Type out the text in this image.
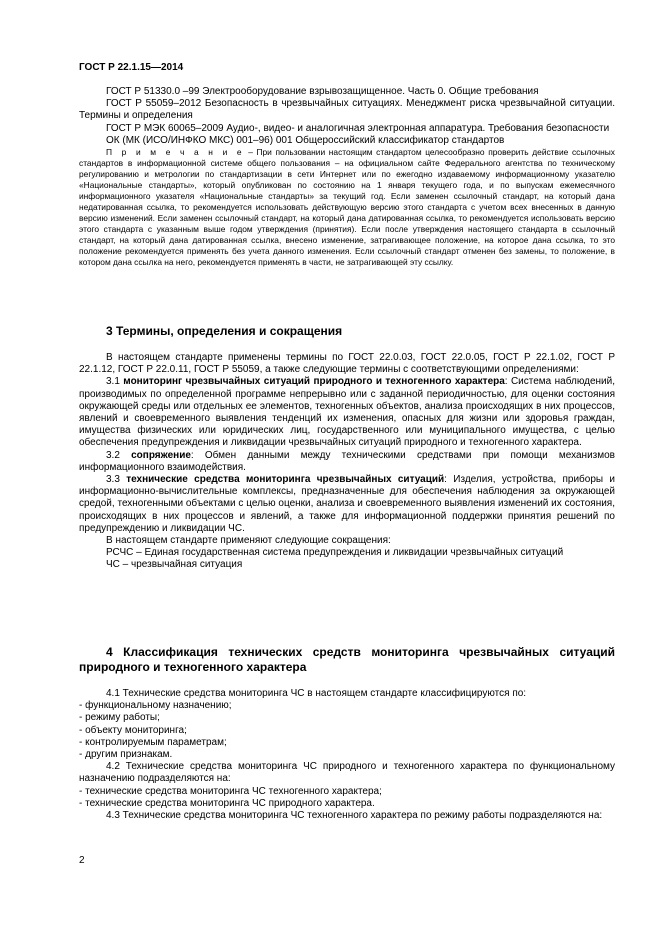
ГОСТ Р 22.1.15—2014

ГОСТ Р 51330.0 –99 Электрооборудование взрывозащищенное. Часть 0. Общие требования

ГОСТ Р 55059–2012 Безопасность в чрезвычайных ситуациях. Менеджмент риска чрезвычайной ситуации. Термины и определения

ГОСТ Р МЭК 60065–2009 Аудио-, видео- и аналогичная электронная аппаратура. Требования безопасности

ОК (МК (ИСО/ИНФКО МКС) 001–96) 001 Общероссийский классификатор стандартов

П р и м е ч а н и е – При пользовании настоящим стандартом целесообразно проверить действие ссылочных стандартов в информационной системе общего пользования – на официальном сайте Федерального агентства по техническому регулированию и метрологии по стандартизации в сети Интернет или по ежегодно издаваемому информационному указателю «Национальные стандарты», который опубликован по состоянию на 1 января текущего года, и по выпускам ежемесячного информационного указателя «Национальные стандарты» за текущий год. Если заменен ссылочный стандарт, на который дана недатированная ссылка, то рекомендуется использовать действующую версию этого стандарта с учетом всех внесенных в данную версию изменений. Если заменен ссылочный стандарт, на который дана датированная ссылка, то рекомендуется использовать версию этого стандарта с указанным выше годом утверждения (принятия). Если после утверждения настоящего стандарта в ссылочный стандарт, на который дана датированная ссылка, внесено изменение, затрагивающее положение, на которое дана ссылка, то это положение рекомендуется применять без учета данного изменения. Если ссылочный стандарт отменен без замены, то положение, в котором дана ссылка на него, рекомендуется применять в части, не затрагивающей эту ссылку.

3 Термины, определения и сокращения

В настоящем стандарте применены термины по ГОСТ 22.0.03, ГОСТ 22.0.05, ГОСТ Р 22.1.02, ГОСТ Р 22.1.12, ГОСТ Р 22.0.11, ГОСТ Р 55059, а также следующие термины с соответствующими определениями:

3.1 мониторинг чрезвычайных ситуаций природного и техногенного характера: Система наблюдений, производимых по определенной программе непрерывно или с заданной периодичностью, для оценки состояния окружающей среды или отдельных ее элементов, техногенных объектов, анализа происходящих в них процессов, явлений и своевременного выявления тенденций их изменения, опасных для жизни или здоровья граждан, имущества физических или юридических лиц, государственного или муниципального имущества, с целью обеспечения предупреждения и ликвидации чрезвычайных ситуаций природного и техногенного характера.

3.2 сопряжение: Обмен данными между техническими средствами при помощи механизмов информационного взаимодействия.

3.3 технические средства мониторинга чрезвычайных ситуаций: Изделия, устройства, приборы и информационно-вычислительные комплексы, предназначенные для обеспечения наблюдения за окружающей средой, техногенными объектами с целью оценки, анализа и своевременного выявления изменений их состояния, происходящих в них процессов и явлений, а также для информационной поддержки принятия решений по предупреждению и ликвидации ЧС.

В настоящем стандарте применяют следующие сокращения:

РСЧС – Единая государственная система предупреждения и ликвидации чрезвычайных ситуаций

ЧС – чрезвычайная ситуация

4 Классификация технических средств мониторинга чрезвычайных ситуаций природного и техногенного характера

4.1 Технические средства мониторинга ЧС в настоящем стандарте классифицируются по:

- функциональному назначению;

- режиму работы;

- объекту мониторинга;

- контролируемым параметрам;

- другим признакам.

4.2 Технические средства мониторинга ЧС природного и техногенного характера по функциональному назначению подразделяются на:

- технические средства мониторинга ЧС техногенного характера;

- технические средства мониторинга ЧС природного характера.

4.3 Технические средства мониторинга ЧС техногенного характера по режиму работы подразделяются на:

2
